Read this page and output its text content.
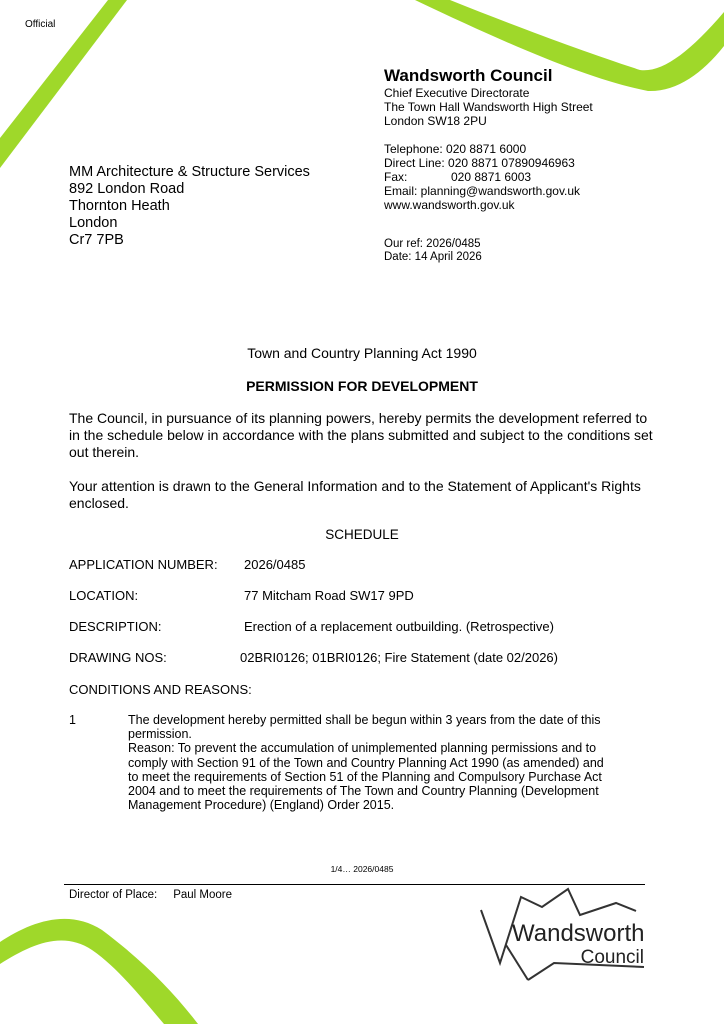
Official
Wandsworth Council
Chief Executive Directorate
The Town Hall Wandsworth High Street
London SW18 2PU
Telephone: 020 8871 6000
Direct Line: 020 8871 07890946963
Fax:	020 8871 6003
Email: planning@wandsworth.gov.uk
www.wandsworth.gov.uk
MM Architecture & Structure Services
892 London Road
Thornton Heath
London
Cr7 7PB	Our ref: 2026/0485
Date: 14 April 2026
Town and Country Planning Act 1990
PERMISSION FOR DEVELOPMENT
The Council, in pursuance of its planning powers, hereby permits the development referred to in the schedule below in accordance with the plans submitted and subject to the conditions set out therein.
Your attention is drawn to the General Information and to the Statement of Applicant's Rights enclosed.
SCHEDULE
APPLICATION NUMBER: 2026/0485
LOCATION:	77 Mitcham Road SW17 9PD
DESCRIPTION:	Erection of a replacement outbuilding. (Retrospective)
DRAWING NOS:	02BRI0126; 01BRI0126; Fire Statement (date 02/2026)
CONDITIONS AND REASONS:
1	The development hereby permitted shall be begun within 3 years from the date of this permission.
Reason: To prevent the accumulation of unimplemented planning permissions and to comply with Section 91 of the Town and Country Planning Act 1990 (as amended) and to meet the requirements of Section 51 of the Planning and Compulsory Purchase Act 2004 and to meet the requirements of The Town and Country Planning (Development Management Procedure) (England) Order 2015.
1/4… 2026/0485
Director of Place: Paul Moore
Wandsworth
Council
